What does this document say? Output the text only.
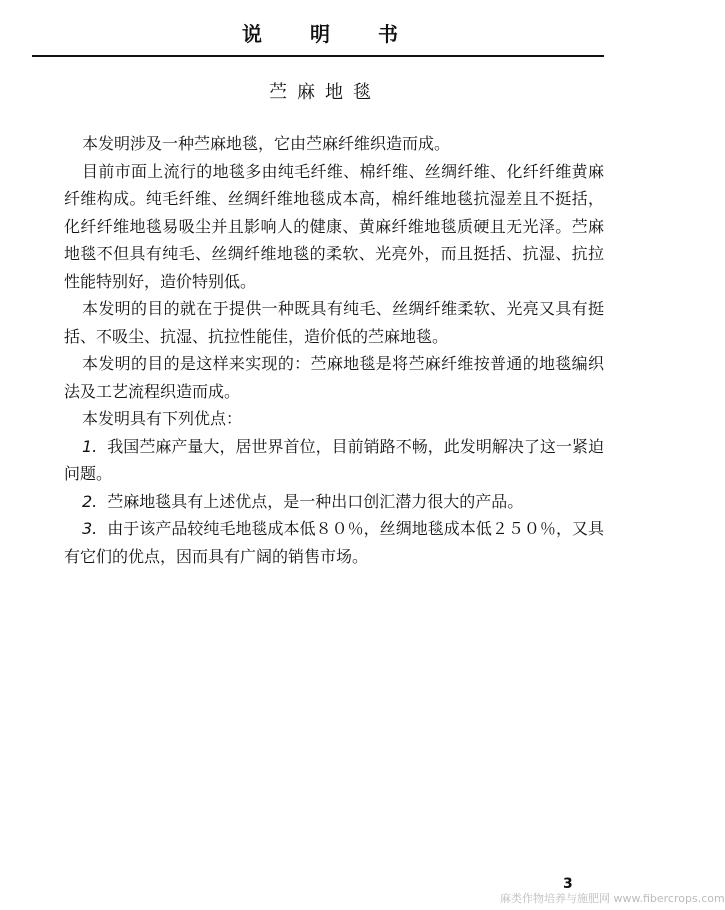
说明书
苎麻地毯

本发明涉及一种苎麻地毯，它由苎麻纤维织造而成。

目前市面上流行的地毯多由纯毛纤维、棉纤维、丝绸纤维、化纤纤维黄麻纤维构成。纯毛纤维、丝绸纤维地毯成本高，棉纤维地毯抗湿差且不挺括，化纤纤维地毯易吸尘并且影响人的健康、黄麻纤维地毯质硬且无光泽。苎麻地毯不但具有纯毛、丝绸纤维地毯的柔软、光亮外，而且挺括、抗湿、抗拉性能特别好，造价特别低。

本发明的目的就在于提供一种既具有纯毛、丝绸纤维柔软、光亮又具有挺括、不吸尘、抗湿、抗拉性能佳，造价低的苎麻地毯。

本发明的目的是这样来实现的：苎麻地毯是将苎麻纤维按普通的地毯编织法及工艺流程织造而成。

本发明具有下列优点：

1. 我国苎麻产量大，居世界首位，目前销路不畅，此发明解决了这一紧迫问题。

2. 苎麻地毯具有上述优点，是一种出口创汇潜力很大的产品。

3. 由于该产品较纯毛地毯成本低８０％，丝绸地毯成本低２５０％，又具有它们的优点，因而具有广阔的销售市场。

3
麻类作物培养与施肥网 www.fibercrops.com
